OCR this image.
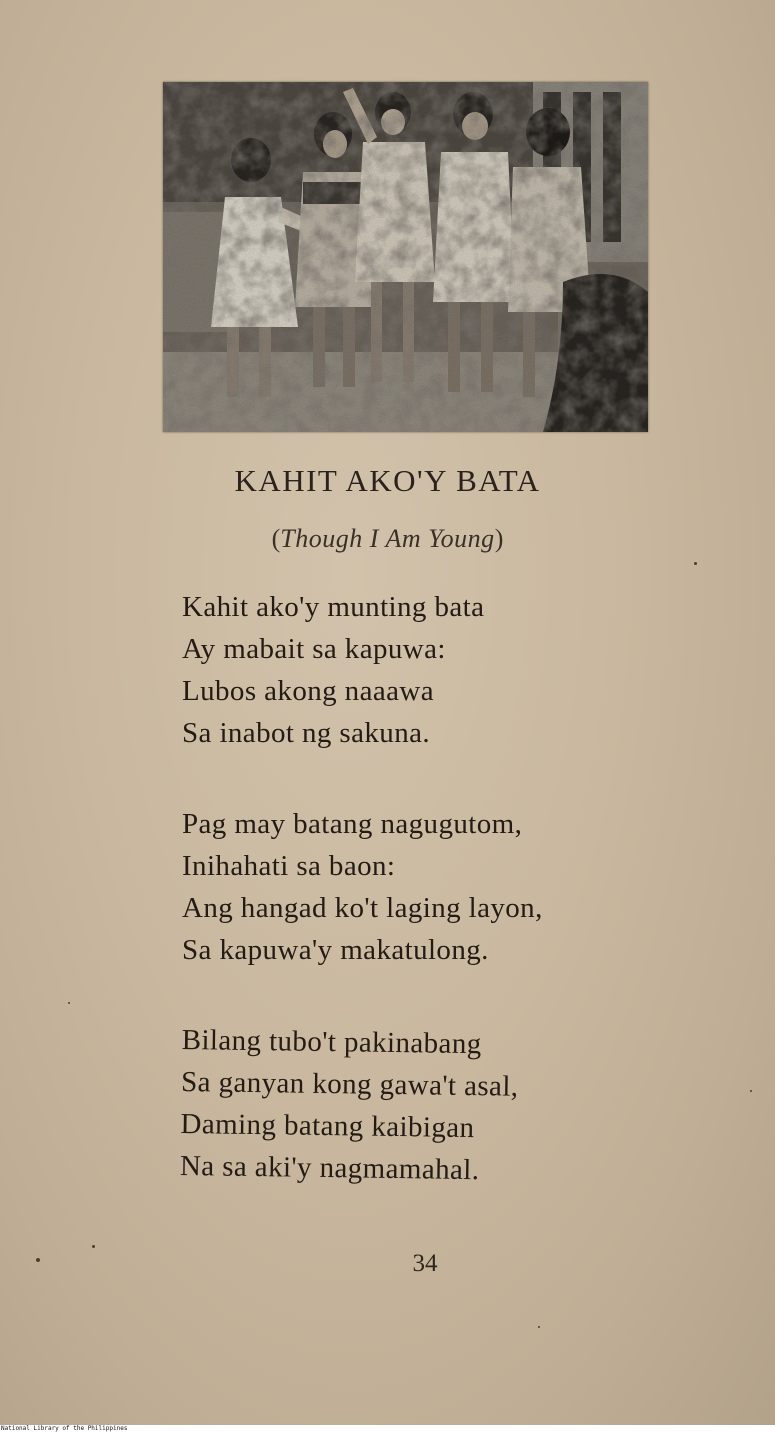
KAHIT AKO'Y BATA

(Though I Am Young)

Kahit ako'y munting bata
Ay mabait sa kapuwa:
Lubos akong naaawa
Sa inabot ng sakuna.
Pag may batang nagugutom,
Inihahati sa baon:
Ang hangad ko't laging layon,
Sa kapuwa'y makatulong.
Bilang tubo't pakinabang
Sa ganyan kong gawa't asal,
Daming batang kaibigan
Na sa aki'y nagmamahal.
34
National Library of the Philippines
